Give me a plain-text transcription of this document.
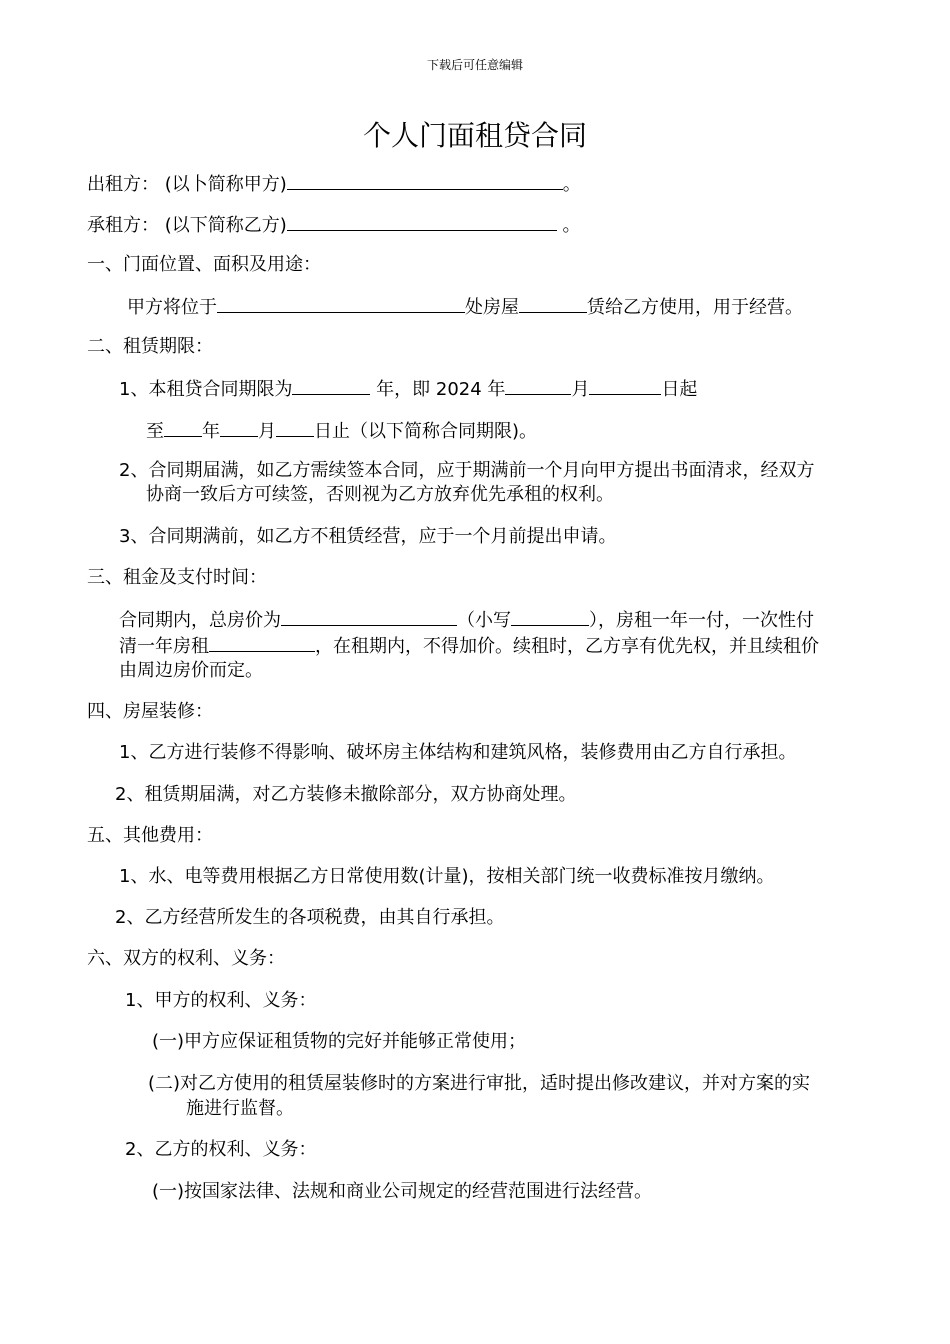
下载后可任意编辑
个人门面租贷合同
出租方： (以卜简称甲方)	。
承租方： (以下简称乙方)	。
一、门面位置、面积及用途：
甲方将位于	处房屋	赁给乙方使用，用于经营。
二、租赁期限：
1、本租贷合同期限为	年，即 2024 年	月	日起
至 年 月 日止（以下简称合同期限)。
2、合同期届满，如乙方需续签本合同，应于期满前一个月向甲方提出书面清求，经双方
协商一致后方可续签，否则视为乙方放弃优先承租的权利。
3、合同期满前，如乙方不租赁经营，应于一个月前提出申请。
三、租金及支付时间：
合同期内，总房价为	（小写	），房租一年一付，一次性付
清一年房租	，在租期内，不得加价。续租时，乙方享有优先权，并且续租价
由周边房价而定。
四、房屋装修：
1、乙方进行装修不得影响、破坏房主体结构和建筑风格，装修费用由乙方自行承担。
2、租赁期届满，对乙方装修未撤除部分，双方协商处理。
五、其他费用：
1、水、电等费用根据乙方日常使用数(计量)，按相关部门统一收费标准按月缴纳。
2、乙方经营所发生的各项税费，由其自行承担。
六、双方的权利、义务：
1、甲方的权利、义务：
(一)甲方应保证租赁物的完好并能够正常使用；
(二)对乙方使用的租赁屋装修时的方案进行审批，适时提出修改建议，并对方案的实
施进行监督。
2、乙方的权利、义务：
(一)按国家法律、法规和商业公司规定的经营范围进行法经营。
